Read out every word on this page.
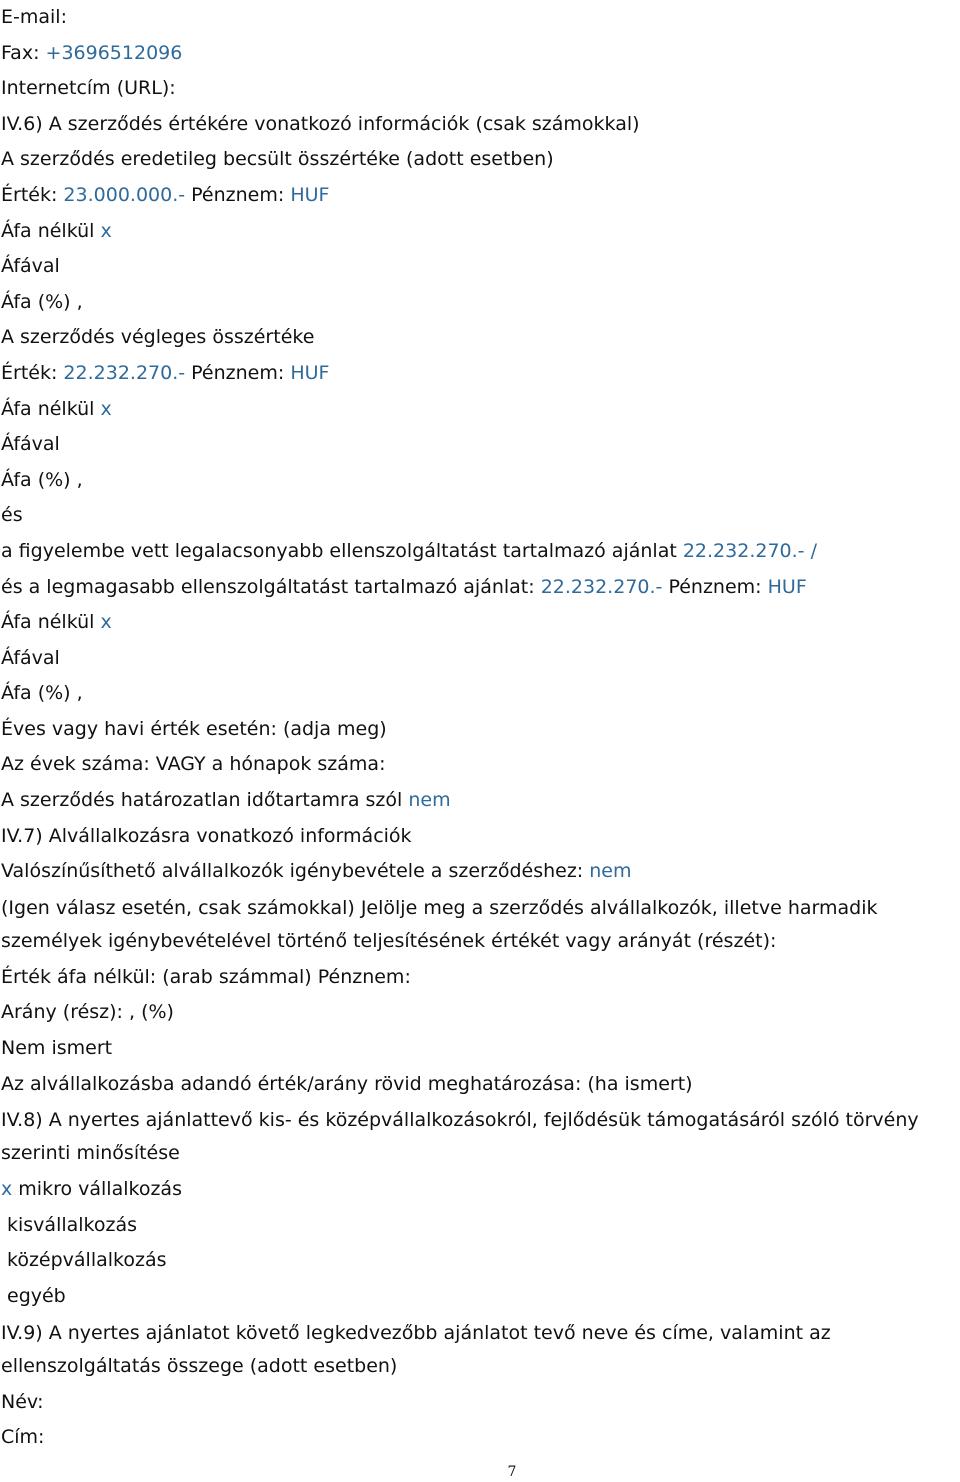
E-mail:
Fax: +3696512096
Internetcím (URL):
IV.6) A szerződés értékére vonatkozó információk (csak számokkal)
A szerződés eredetileg becsült összértéke (adott esetben)
Érték: 23.000.000.- Pénznem: HUF
Áfa nélkül x
Áfával
Áfa (%) ,
A szerződés végleges összértéke
Érték: 22.232.270.- Pénznem: HUF
Áfa nélkül x
Áfával
Áfa (%) ,
és
a figyelembe vett legalacsonyabb ellenszolgáltatást tartalmazó ajánlat 22.232.270.- /
és a legmagasabb ellenszolgáltatást tartalmazó ajánlat: 22.232.270.- Pénznem: HUF
Áfa nélkül x
Áfával
Áfa (%) ,
Éves vagy havi érték esetén: (adja meg)
Az évek száma: VAGY a hónapok száma:
A szerződés határozatlan időtartamra szól nem
IV.7) Alvállalkozásra vonatkozó információk
Valószínűsíthető alvállalkozók igénybevétele a szerződéshez: nem
(Igen válasz esetén, csak számokkal) Jelölje meg a szerződés alvállalkozók, illetve harmadik személyek igénybevételével történő teljesítésének értékét vagy arányát (részét):
Érték áfa nélkül: (arab számmal) Pénznem:
Arány (rész): , (%)
Nem ismert
Az alvállalkozásba adandó érték/arány rövid meghatározása: (ha ismert)
IV.8) A nyertes ajánlattevő kis- és középvállalkozásokról, fejlődésük támogatásáról szóló törvény szerinti minősítése
x mikro vállalkozás
kisvállalkozás
középvállalkozás
egyéb
IV.9) A nyertes ajánlatot követő legkedvezőbb ajánlatot tevő neve és címe, valamint az ellenszolgáltatás összege (adott esetben)
Név:
Cím:
7
